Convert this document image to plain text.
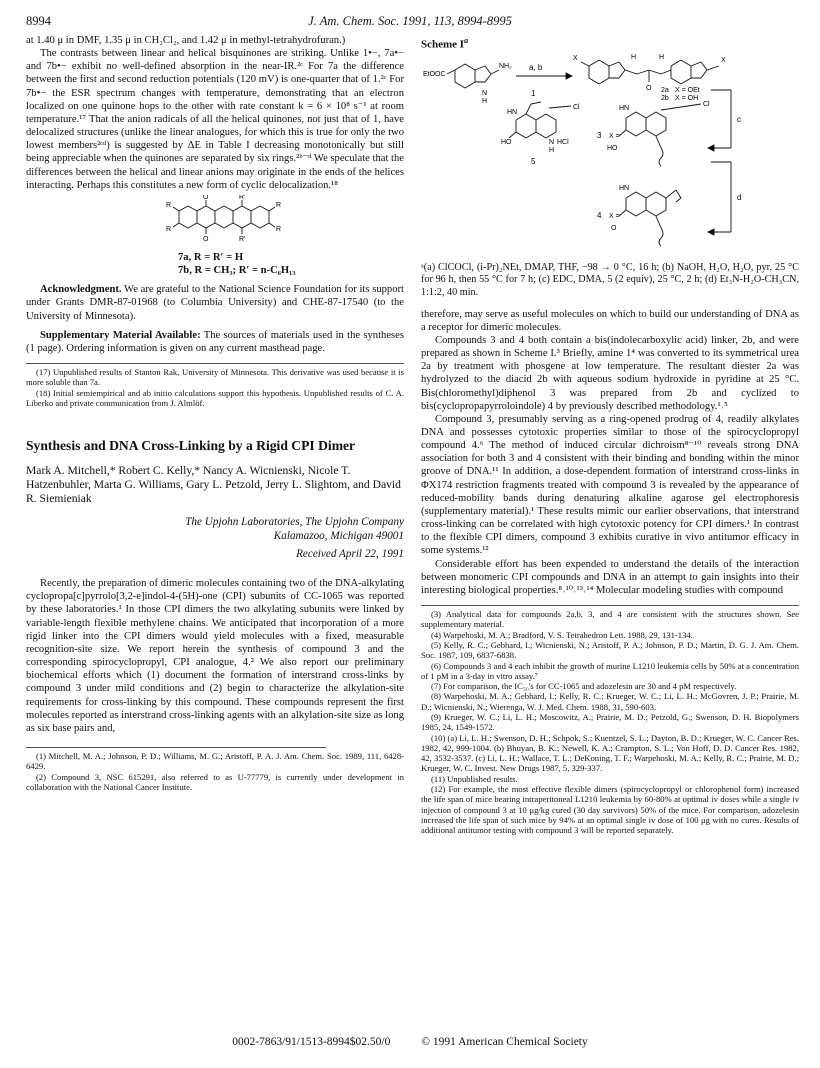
8994	J. Am. Chem. Soc. 1991, 113, 8994-8995

at 1.40 μ in DMF, 1.35 μ in CH₂Cl₂, and 1.42 μ in methyl-tetrahydrofuran.)

The contrasts between linear and helical bisquinones are striking. Unlike 1•−, 7a•− and 7b•− exhibit no well-defined absorption in the near-IR.²ᶜ For 7a the difference between the first and second reduction potentials (120 mV) is one-quarter that of 1.²ᶜ For 7b•− the ESR spectrum changes with temperature, demonstrating that an electron localized on one quinone hops to the other with rate constant k = 6 × 10⁸ s⁻¹ at room temperature.¹⁷ That the anion radicals of all the helical quinones, not just that of 1, have delocalized structures (unlike the linear analogues, for which this is true for only the two lowest members²ᶜᵈ) is suggested by ΔE in Table I decreasing monotonically but still being appreciable when the quinones are separated by six rings.²ᵇ⁻ᵈ We speculate that the differences between the helical and linear anions may originate in the ends of the helices interacting. Perhaps this constitutes a new form of cyclic delocalization.¹⁸

O	R′
O	R′
R
R
R
R

7a, R = R′ = H

7b, R = CH₃; R′ = n-C₆H₁₃

Acknowledgment. We are grateful to the National Science Foundation for its support under Grants DMR-87-01968 (to Columbia University) and CHE-87-17540 (to the University of Minnesota).

Supplementary Material Available: The sources of materials used in the syntheses (1 page). Ordering information is given on any current masthead page.

(17) Unpublished results of Stanton Rak, University of Minnesota. This derivative was used because it is more soluble than 7a.

(18) Initial semiempirical and ab initio calculations support this hypothesis. Unpublished results of C. A. Liberko and private communication from J. Almlöf.

Synthesis and DNA Cross-Linking by a Rigid CPI Dimer

Mark A. Mitchell,* Robert C. Kelly,* Nancy A. Wicnienski, Nicole T. Hatzenbuhler, Marta G. Williams, Gary L. Petzold, Jerry L. Slightom, and David R. Siemieniak

The Upjohn Laboratories, The Upjohn Company

Kalamazoo, Michigan 49001

Received April 22, 1991

Recently, the preparation of dimeric molecules containing two of the DNA-alkylating cyclopropa[c]pyrrolo[3,2-e]indol-4-(5H)-one (CPI) subunits of CC-1065 was reported by these laboratories.¹ In those CPI dimers the two alkylating subunits were linked by variable-length flexible methylene chains. We anticipated that incorporation of a more rigid linker into the CPI dimers would yield molecules with a fixed, measurable recognition-site size. We report herein the synthesis of compound 3 and the corresponding spirocyclopropyl, CPI analogue, 4.² We also report our preliminary biochemical efforts which (1) document the formation of interstrand cross-links by compound 3 under mild conditions and (2) begin to characterize the alkylation-site requirements for cross-linking by this compound. These compounds represent the first molecules reported as interstrand cross-linking agents with an alkylation-site size as long as six base pairs and,

(1) Mitchell, M. A.; Johnson, P. D.; Williams, M. G.; Aristoff, P. A. J. Am. Chem. Soc. 1989, 111, 6428-6429.

(2) Compound 3, NSC 615291, also referred to as U-77779, is currently under development in collaboration with the National Cancer Institute.

Scheme $I^a$

EtOOC
NH₂
N
H
a, b
1
X	X
H	H
O 2a X = OEt
2b X = OH
HN
Cl
HO	N HCl
H
5
HN
Cl
3 X =
HO
c
HN
4 X =
O
d

ᵃ(a) ClCOCl, (i-Pr)₂NEt, DMAP, THF, −98 → 0 °C, 16 h; (b) NaOH, H₂O, H₂O, pyr, 25 °C for 96 h, then 55 °C for 7 h; (c) EDC, DMA, 5 (2 equiv), 25 °C, 2 h; (d) Et₃N-H₂O-CH₃CN, 1:1:2, 40 min.

therefore, may serve as useful molecules on which to build our understanding of DNA as a receptor for dimeric molecules.

Compounds 3 and 4 both contain a bis(indolecarboxylic acid) linker, 2b, and were prepared as shown in Scheme I.³ Briefly, amine 1⁴ was converted to its symmetrical urea 2a by treatment with phosgene at low temperature. The resultant diester 2a was hydrolyzed to the diacid 2b with aqueous sodium hydroxide in pyridine at 25 °C. Bis(chloromethyl)diphenol 3 was prepared from 2b and cyclized to bis(cyclopropapyrroloindole) 4 by previously described methodology.¹˒⁵

Compound 3, presumably serving as a ring-opened prodrug of 4, readily alkylates DNA and possesses cytotoxic properties similar to those of the spirocyclopropyl compound 4.⁶ The method of induced circular dichroism⁸⁻¹⁰ reveals strong DNA association for both 3 and 4 consistent with their binding and bonding within the minor groove of DNA.¹¹ In addition, a dose-dependent formation of interstrand cross-links in ΦX174 restriction fragments treated with compound 3 is revealed by the appearance of reduced-mobility bands during denaturing alkaline agarose gel electrophoresis (supplementary material).¹ These results mimic our earlier observations, that interstrand cross-linking can be correlated with high cytotoxic potency for CPI dimers.¹ In contrast to the flexible CPI dimers, compound 3 exhibits curative in vivo antitumor efficacy in some systems.¹²

Considerable effort has been expended to understand the details of the interaction between monomeric CPI compounds and DNA in an attempt to gain insights into their interesting biological properties.⁸˒¹⁰˒¹³˒¹⁴ Molecular modeling studies with compound

(3) Analytical data for compounds 2a,b, 3, and 4 are consistent with the structures shown. See supplementary material.

(4) Warpehoski, M. A.; Bradford, V. S. Tetrahedron Lett. 1988, 29, 131-134.

(5) Kelly, R. C.; Gebhard, I.; Wicnienski, N.; Aristoff, P. A.; Johnson, P. D.; Martin, D. G. J. Am. Chem. Soc. 1987, 109, 6837-6838.

(6) Compounds 3 and 4 each inhibit the growth of murine L1210 leukemia cells by 50% at a concentration of 1 pM in a 3-day in vitro assay.⁷

(7) For comparison, the IC₅₀'s for CC-1065 and adozelesin are 30 and 4 pM respectively.

(8) Warpehoski, M. A.; Gebhard, I.; Kelly, R. C.; Krueger, W. C.; Li, L. H.; McGovren, J. P.; Prairie, M. D.; Wicnienski, N.; Wierenga, W. J. Med. Chem. 1988, 31, 590-603.

(9) Krueger, W. C.; Li, L. H.; Moscowitz, A.; Prairie, M. D.; Petzold, G.; Swenson, D. H. Biopolymers 1985, 24, 1549-1572.

(10) (a) Li, L. H.; Swenson, D. H.; Schpok, S.; Kuentzel, S. L.; Dayton, B. D.; Krueger, W. C. Cancer Res. 1982, 42, 999-1004. (b) Bhuyan, B. K.; Newell, K. A.; Crampton, S. L.; Von Hoff, D. D. Cancer Res. 1982, 42, 3532-3537. (c) Li, L. H.; Wallace, T. L.; DeKoning, T. F.; Warpehoski, M. A.; Kelly, R. C.; Prairie, M. D.; Krueger, W. C. Invest. New Drugs 1987, 5, 329-337.

(11) Unpublished results.

(12) For example, the most effective flexible dimers (spirocyclopropyl or chlorophenol form) increased the life span of mice bearing intraperitoneal L1210 leukemia by 60-80% at optimal iv doses while a single iv injection of compound 3 at 10 μg/kg cured (30 day survivors) 50% of the mice. For comparison, adozelesin increased the life span of such mice by 94% at an optimal single iv dose of 100 μg with no cures. Results of additional antitumor testing with compound 3 will be reported separately.

0002-7863/91/1513-8994$02.50/0	© 1991 American Chemical Society
